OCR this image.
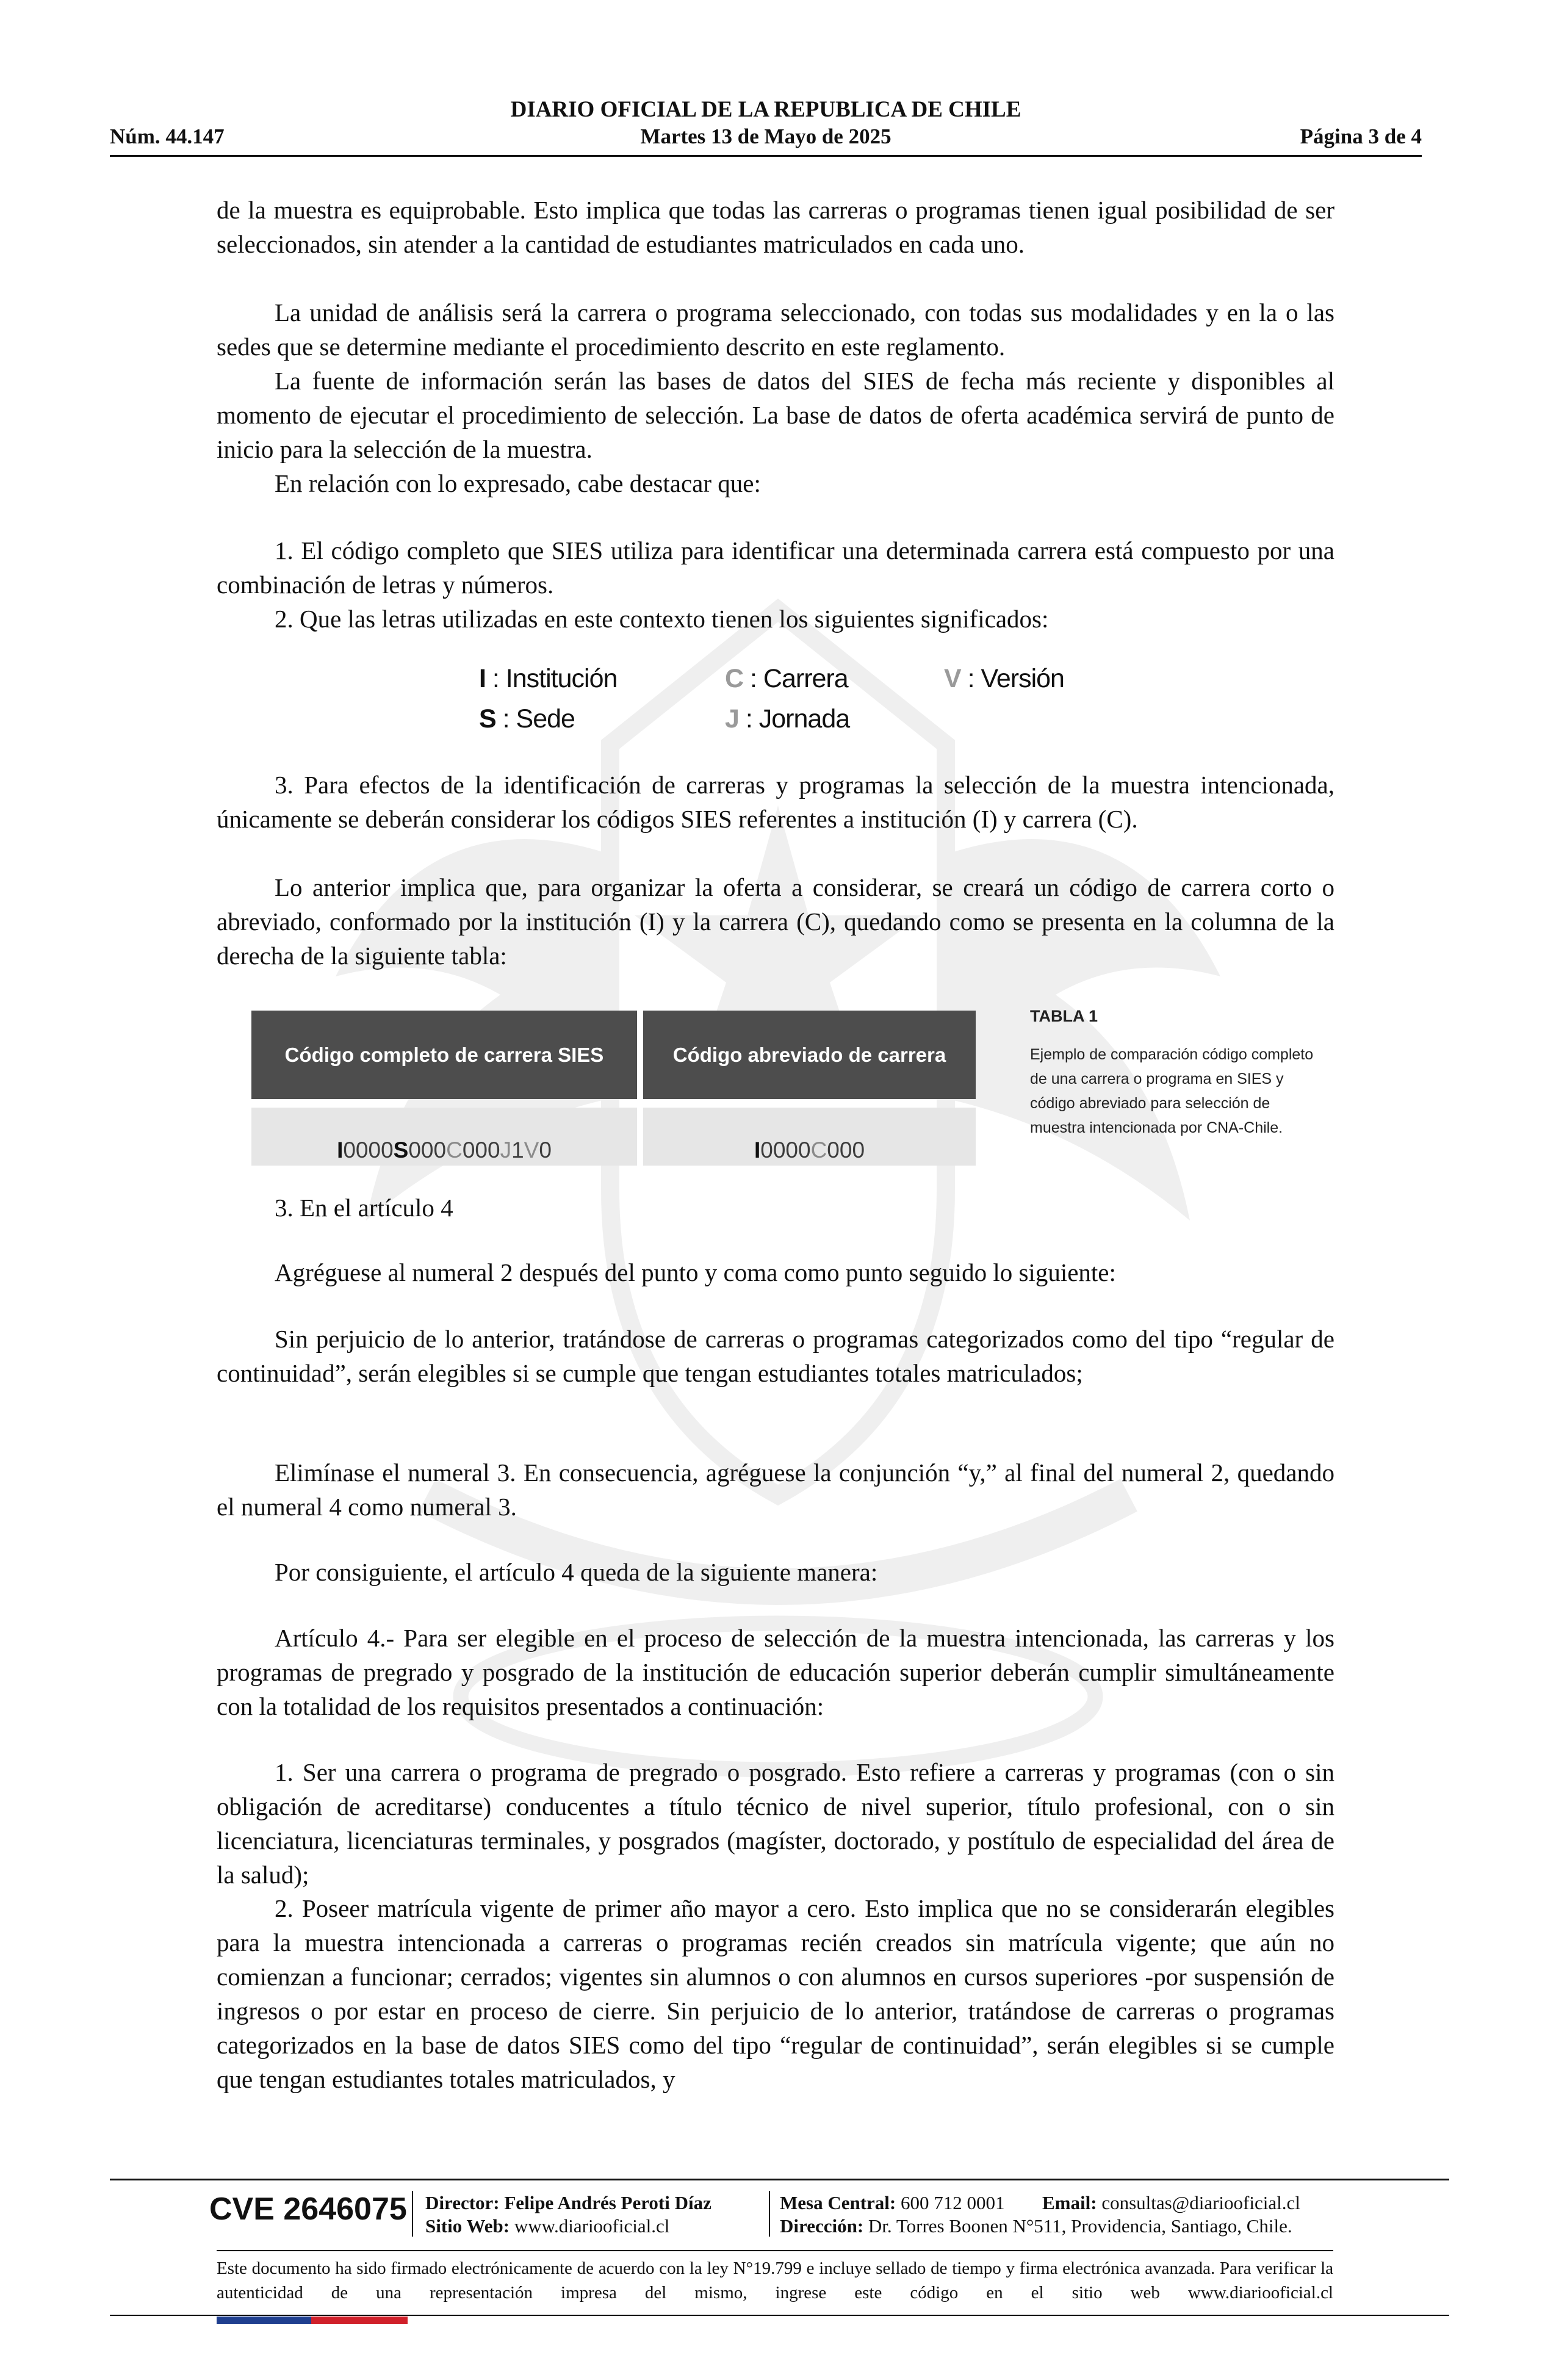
DIARIO OFICIAL DE LA REPUBLICA DE CHILE
Núm. 44.147	Martes 13 de Mayo de 2025	Página 3 de 4
de la muestra es equiprobable. Esto implica que todas las carreras o programas tienen igual posibilidad de ser seleccionados, sin atender a la cantidad de estudiantes matriculados en cada uno.
La unidad de análisis será la carrera o programa seleccionado, con todas sus modalidades y en la o las sedes que se determine mediante el procedimiento descrito en este reglamento.
La fuente de información serán las bases de datos del SIES de fecha más reciente y disponibles al momento de ejecutar el procedimiento de selección. La base de datos de oferta académica servirá de punto de inicio para la selección de la muestra.
En relación con lo expresado, cabe destacar que:
1. El código completo que SIES utiliza para identificar una determinada carrera está compuesto por una combinación de letras y números.
2. Que las letras utilizadas en este contexto tienen los siguientes significados:
I : Institución	C : Carrera	V : Versión
S : Sede	J : Jornada
3. Para efectos de la identificación de carreras y programas la selección de la muestra intencionada, únicamente se deberán considerar los códigos SIES referentes a institución (I) y carrera (C).
Lo anterior implica que, para organizar la oferta a considerar, se creará un código de carrera corto o abreviado, conformado por la institución (I) y la carrera (C), quedando como se presenta en la columna de la derecha de la siguiente tabla:
Código completo de carrera SIES	Código abreviado de carrera
I 0000 S 000 C 000 J 1 V 0	I 0000 C 000
TABLA 1
Ejemplo de comparación código completo de una carrera o programa en SIES y código abreviado para selección de muestra intencionada por CNA-Chile.
3. En el artículo 4
Agréguese al numeral 2 después del punto y coma como punto seguido lo siguiente:
Sin perjuicio de lo anterior, tratándose de carreras o programas categorizados como del tipo “regular de continuidad”, serán elegibles si se cumple que tengan estudiantes totales matriculados;
Elimínase el numeral 3. En consecuencia, agréguese la conjunción “y,” al final del numeral 2, quedando el numeral 4 como numeral 3.
Por consiguiente, el artículo 4 queda de la siguiente manera:
Artículo 4.- Para ser elegible en el proceso de selección de la muestra intencionada, las carreras y los programas de pregrado y posgrado de la institución de educación superior deberán cumplir simultáneamente con la totalidad de los requisitos presentados a continuación:
1. Ser una carrera o programa de pregrado o posgrado. Esto refiere a carreras y programas (con o sin obligación de acreditarse) conducentes a título técnico de nivel superior, título profesional, con o sin licenciatura, licenciaturas terminales, y posgrados (magíster, doctorado, y postítulo de especialidad del área de la salud);
2. Poseer matrícula vigente de primer año mayor a cero. Esto implica que no se considerarán elegibles para la muestra intencionada a carreras o programas recién creados sin matrícula vigente; que aún no comienzan a funcionar; cerrados; vigentes sin alumnos o con alumnos en cursos superiores -por suspensión de ingresos o por estar en proceso de cierre. Sin perjuicio de lo anterior, tratándose de carreras o programas categorizados en la base de datos SIES como del tipo “regular de continuidad”, serán elegibles si se cumple que tengan estudiantes totales matriculados, y
CVE 2646075 Director: Felipe Andrés Peroti Díaz
Sitio Web: www.diariooficial.cl
Mesa Central: 600 712 0001 Email: consultas@diariooficial.cl
Dirección: Dr. Torres Boonen N°511, Providencia, Santiago, Chile.
Este documento ha sido firmado electrónicamente de acuerdo con la ley N°19.799 e incluye sellado de tiempo y firma electrónica avanzada. Para verificar la autenticidad de una representación impresa del mismo, ingrese este código en el sitio web www.diariooficial.cl
